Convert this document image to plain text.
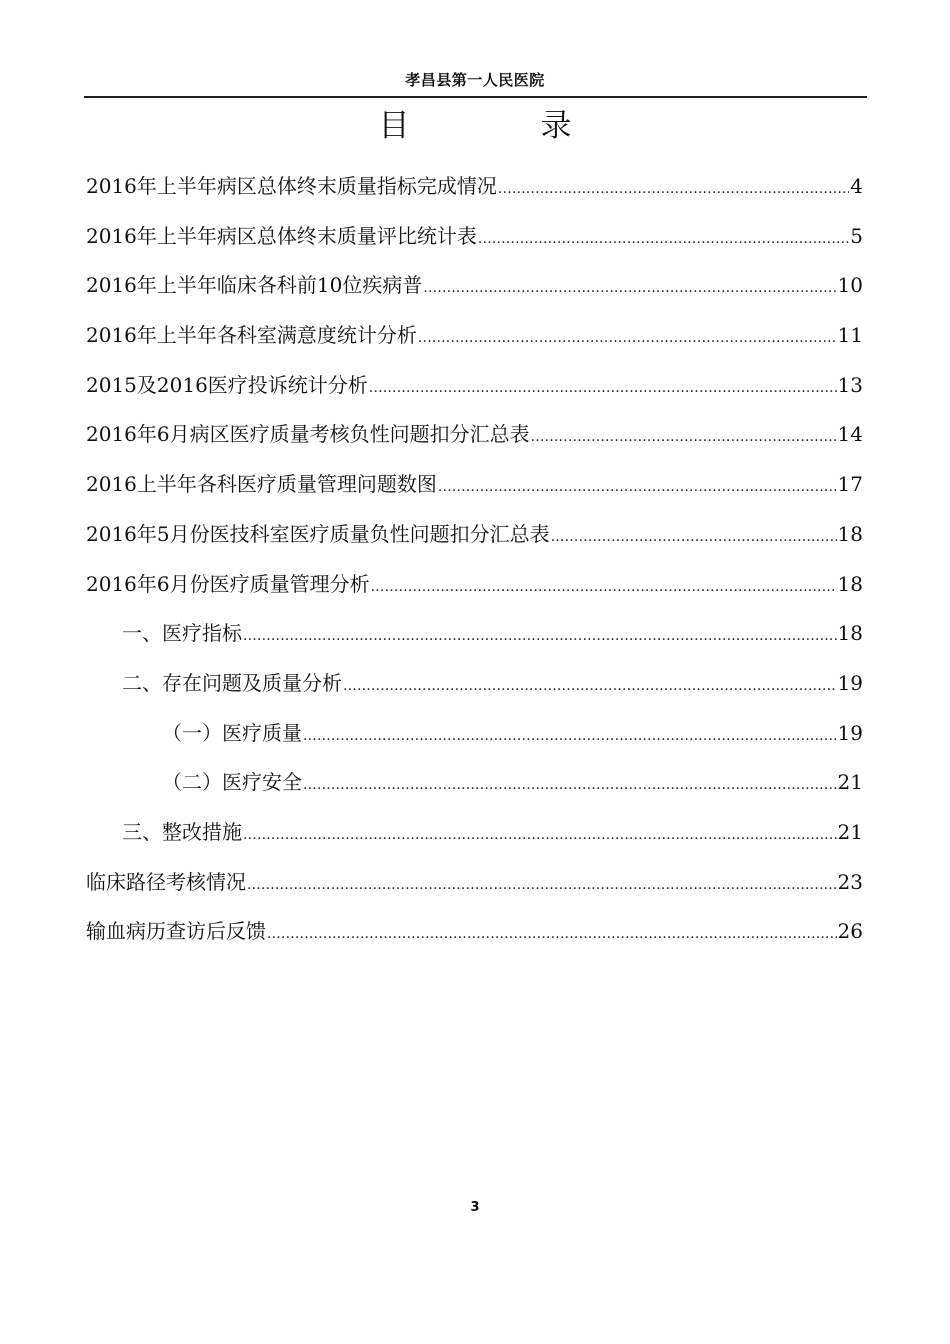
孝昌县第一人民医院
目　录
2016年上半年病区总体终末质量指标完成情况 .....	4
2016年上半年病区总体终末质量评比统计表 .....	5
2016年上半年临床各科前10位疾病普 .....	10
2016年上半年各科室满意度统计分析 .....	11
2015及2016医疗投诉统计分析 .....	13
2016年6月病区医疗质量考核负性问题扣分汇总表 .....	14
2016上半年各科医疗质量管理问题数图 .....	17
2016年5月份医技科室医疗质量负性问题扣分汇总表 .....	18
2016年6月份医疗质量管理分析 .....	18
一、医疗指标 .....	18
二、存在问题及质量分析 .....	19
（一）医疗质量 .....	19
（二）医疗安全 .....	21
三、整改措施 .....	21
临床路径考核情况 .....	23
输血病历查访后反馈 .....	26
3
